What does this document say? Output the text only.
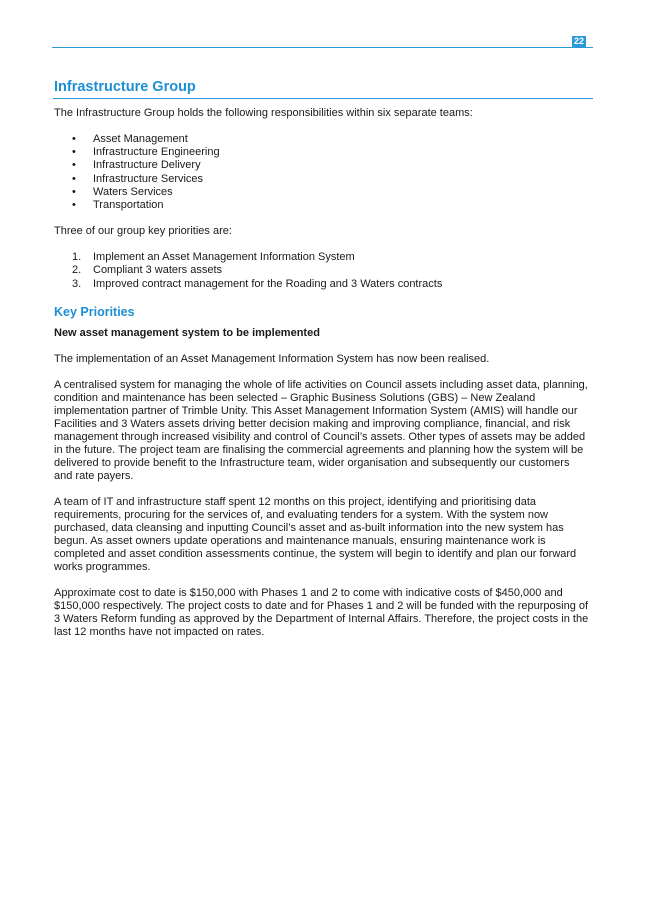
22
Infrastructure Group

The Infrastructure Group holds the following responsibilities within six separate teams:

• Asset Management
• Infrastructure Engineering
• Infrastructure Delivery
• Infrastructure Services
• Waters Services
• Transportation

Three of our group key priorities are:

1. Implement an Asset Management Information System
2. Compliant 3 waters assets
3. Improved contract management for the Roading and 3 Waters contracts
Key Priorities

New asset management system to be implemented

The implementation of an Asset Management Information System has now been realised.

A centralised system for managing the whole of life activities on Council assets including asset data, planning, condition and maintenance has been selected – Graphic Business Solutions (GBS) – New Zealand implementation partner of Trimble Unity. This Asset Management Information System (AMIS) will handle our Facilities and 3 Waters assets driving better decision making and improving compliance, financial, and risk management through increased visibility and control of Council’s assets. Other types of assets may be added in the future. The project team are finalising the commercial agreements and planning how the system will be delivered to provide benefit to the Infrastructure team, wider organisation and subsequently our customers and rate payers.

A team of IT and infrastructure staff spent 12 months on this project, identifying and prioritising data requirements, procuring for the services of, and evaluating tenders for a system. With the system now purchased, data cleansing and inputting Council’s asset and as-built information into the new system has begun. As asset owners update operations and maintenance manuals, ensuring maintenance work is completed and asset condition assessments continue, the system will begin to identify and plan our forward works programmes.

Approximate cost to date is $150,000 with Phases 1 and 2 to come with indicative costs of $450,000 and $150,000 respectively. The project costs to date and for Phases 1 and 2 will be funded with the repurposing of 3 Waters Reform funding as approved by the Department of Internal Affairs. Therefore, the project costs in the last 12 months have not impacted on rates.
